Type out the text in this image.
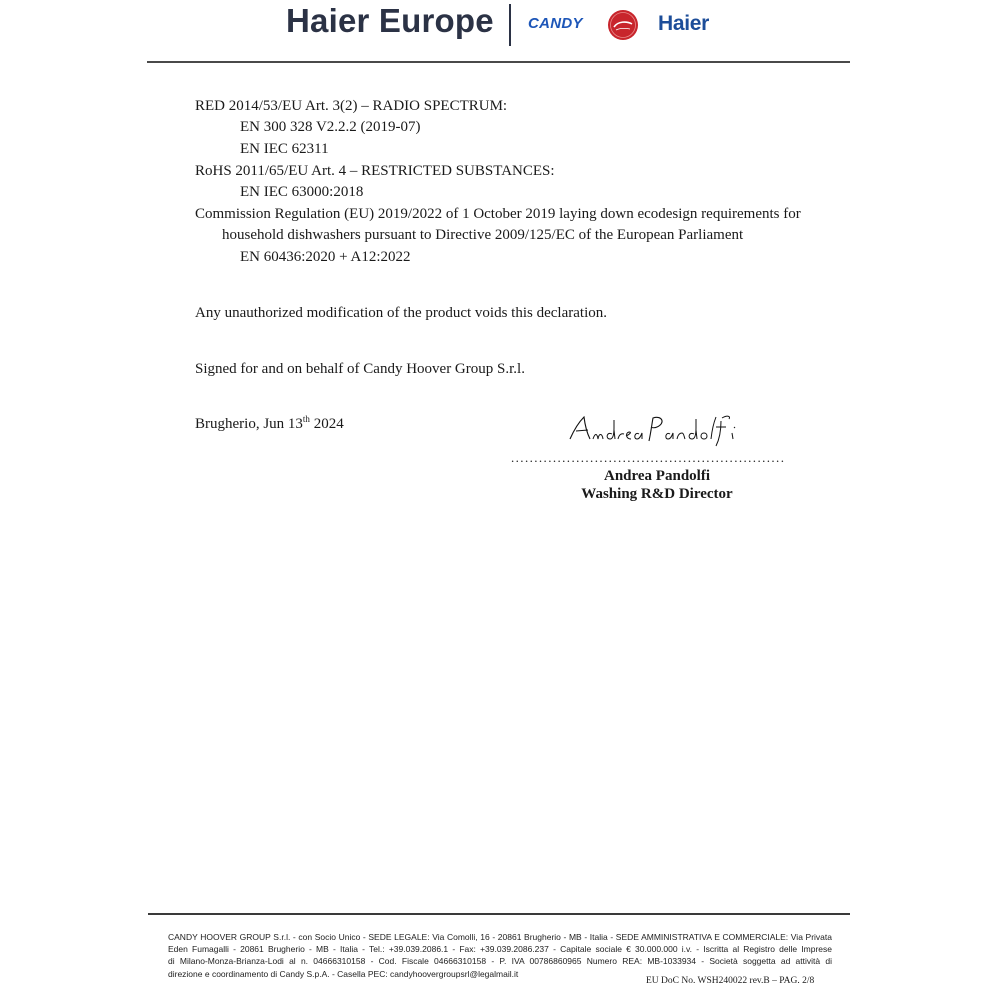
Haier Europe CANDY	Haier
RED 2014/53/EU Art. 3(2) – RADIO SPECTRUM:
EN 300 328 V2.2.2 (2019-07)
EN IEC 62311
RoHS 2011/65/EU Art. 4 – RESTRICTED SUBSTANCES:
EN IEC 63000:2018
Commission Regulation (EU) 2019/2022 of 1 October 2019 laying down ecodesign requirements for
household dishwashers pursuant to Directive 2009/125/EC of the European Parliament
EN 60436:2020 + A12:2022
Any unauthorized modification of the product voids this declaration.
Signed for and on behalf of Candy Hoover Group S.r.l.
Brugherio, Jun 13th 2024
...........................................................
Andrea Pandolfi
Washing R&D Director
CANDY HOOVER GROUP S.r.l. - con Socio Unico - SEDE LEGALE: Via Comolli, 16 - 20861 Brugherio - MB - Italia - SEDE AMMINISTRATIVA E COMMERCIALE: Via Privata
Eden Fumagalli - 20861 Brugherio - MB - Italia - Tel.: +39.039.2086.1 - Fax: +39.039.2086.237 - Capitale sociale € 30.000.000 i.v. - Iscritta al Registro delle Imprese
di Milano-Monza-Brianza-Lodi al n. 04666310158 - Cod. Fiscale 04666310158 - P. IVA 00786860965 Numero REA: MB-1033934 - Società soggetta ad attività di
direzione e coordinamento di Candy S.p.A. - Casella PEC: candyhoovergroupsrl@legalmail.it
EU DoC No. WSH240022 rev.B – PAG. 2/8
